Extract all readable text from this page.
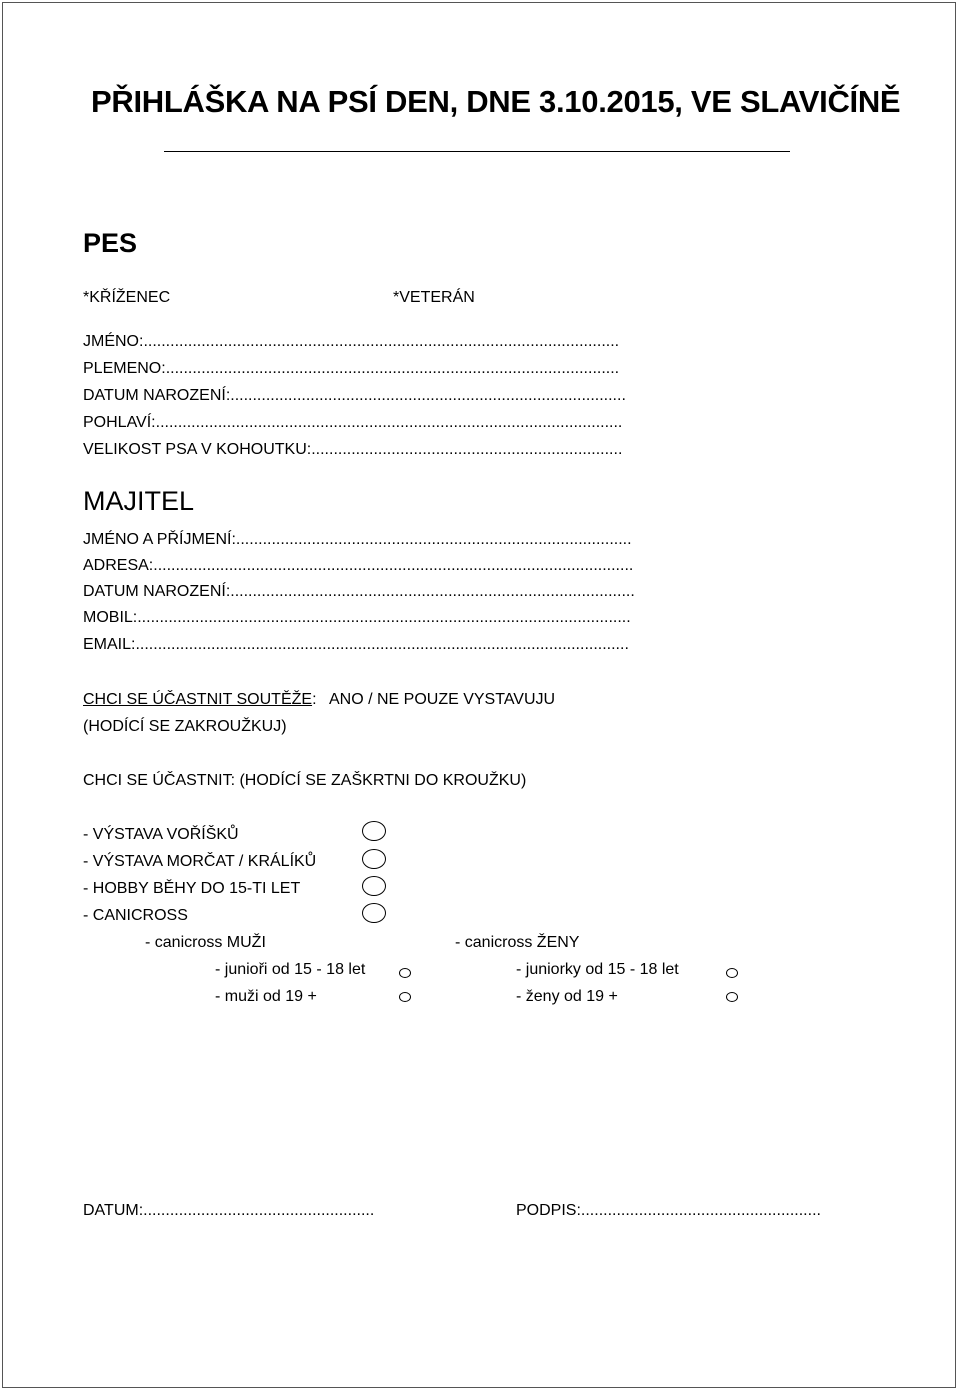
PŘIHLÁŠKA NA PSÍ DEN, DNE 3.10.2015, VE SLAVIČÍNĚ
PES
*KŘÍŽENEC	*VETERÁN
JMÉNO:...........................................................................................................
PLEMENO:......................................................................................................
DATUM NAROZENÍ:.........................................................................................
POHLAVÍ:.........................................................................................................
VELIKOST PSA V KOHOUTKU:......................................................................
MAJITEL
JMÉNO A PŘÍJMENÍ:.........................................................................................
ADRESA:............................................................................................................
DATUM NAROZENÍ:...........................................................................................
MOBIL:...............................................................................................................
EMAIL:...............................................................................................................
CHCI SE ÚČASTNIT SOUTĚŽE: ANO / NE POUZE VYSTAVUJU
(HODÍCÍ SE ZAKROUŽKUJ)
CHCI SE ÚČASTNIT: (HODÍCÍ SE ZAŠKRTNI DO KROUŽKU)
- VÝSTAVA VOŘÍŠKŮ
- VÝSTAVA MORČAT / KRÁLÍKŮ
- HOBBY BĚHY DO 15-TI LET
- CANICROSS
- canicross MUŽI	- canicross ŽENY
- junioři od 15 - 18 let	- juniorky od 15 - 18 let
- muži od 19 +	- ženy od 19 +
DATUM:....................................................	PODPIS:......................................................
